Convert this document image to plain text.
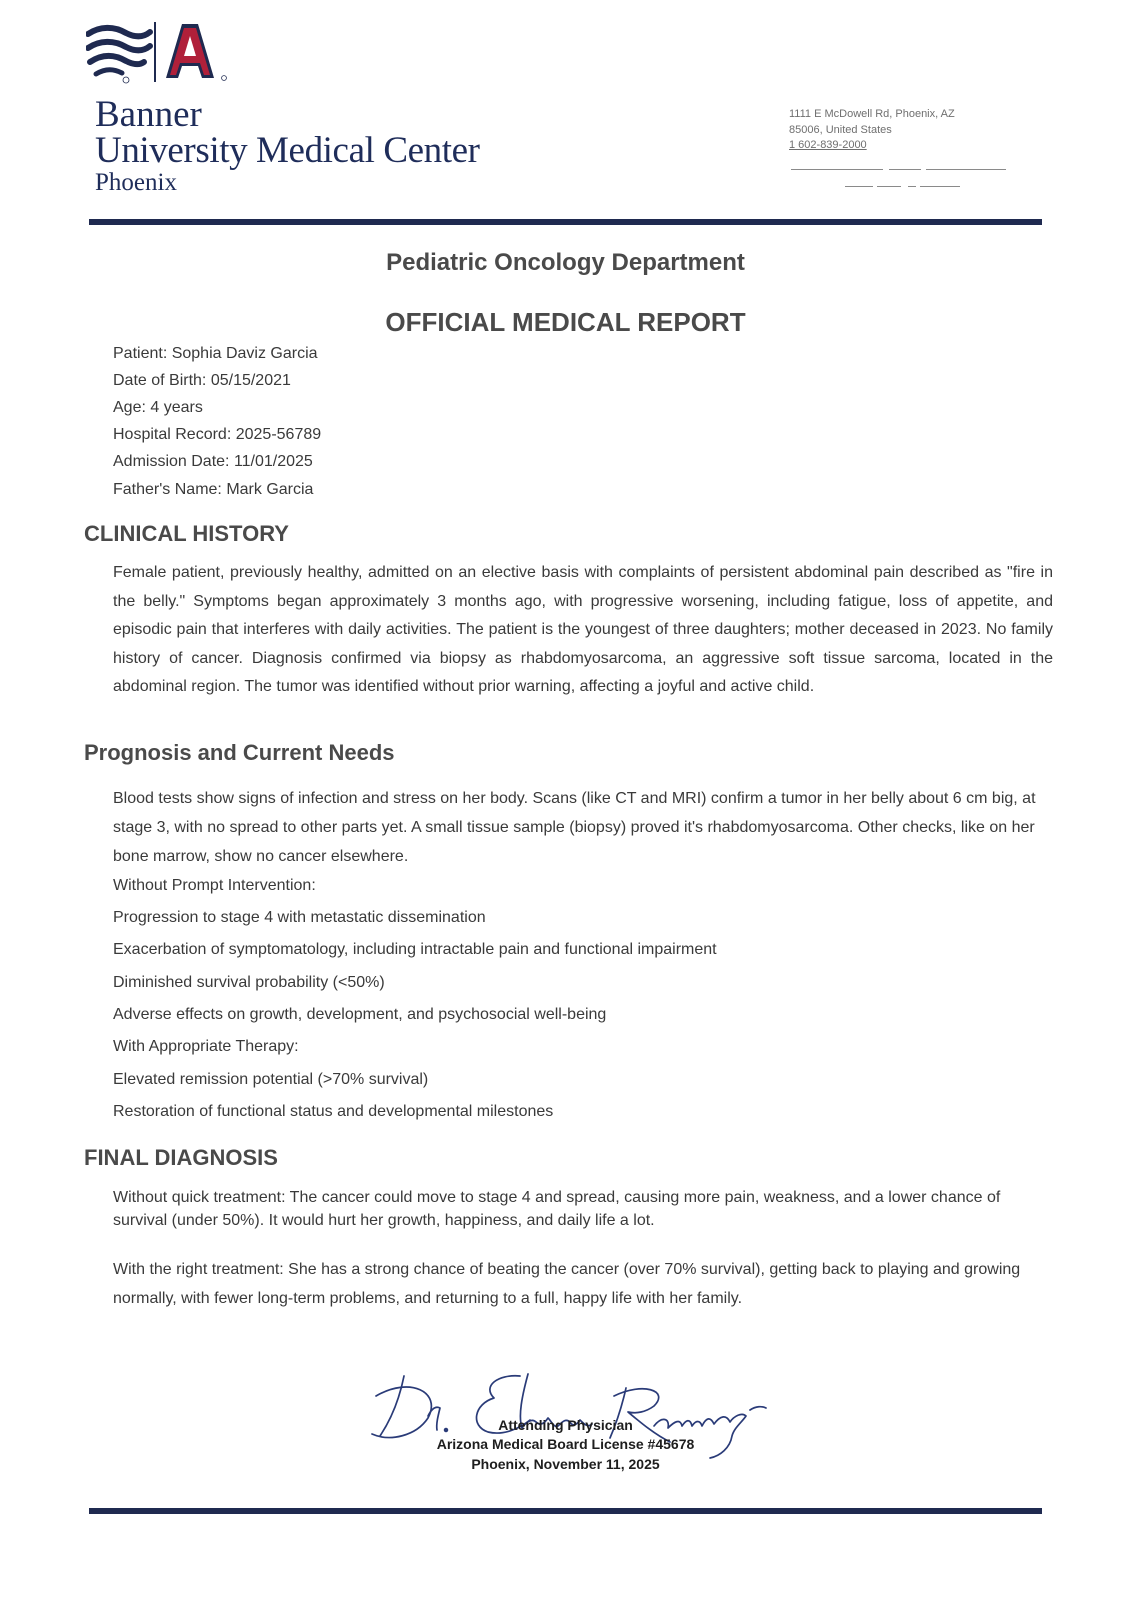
Banner
University Medical Center
Phoenix
1111 E McDowell Rd, Phoenix, AZ
85006, United States
1 602-839-2000
Pediatric Oncology Department
OFFICIAL MEDICAL REPORT
Patient: Sophia Daviz Garcia
Date of Birth: 05/15/2021
Age: 4 years
Hospital Record: 2025-56789
Admission Date: 11/01/2025
Father's Name: Mark Garcia
CLINICAL HISTORY
Female patient, previously healthy, admitted on an elective basis with complaints of persistent abdominal pain described as "fire in the belly." Symptoms began approximately 3 months ago, with progressive worsening, including fatigue, loss of appetite, and episodic pain that interferes with daily activities. The patient is the youngest of three daughters; mother deceased in 2023. No family history of cancer. Diagnosis confirmed via biopsy as rhabdomyosarcoma, an aggressive soft tissue sarcoma, located in the abdominal region. The tumor was identified without prior warning, affecting a joyful and active child.
Prognosis and Current Needs
Blood tests show signs of infection and stress on her body. Scans (like CT and MRI) confirm a tumor in her belly about 6 cm big, at stage 3, with no spread to other parts yet. A small tissue sample (biopsy) proved it's rhabdomyosarcoma. Other checks, like on her bone marrow, show no cancer elsewhere.
Without Prompt Intervention:
Progression to stage 4 with metastatic dissemination
Exacerbation of symptomatology, including intractable pain and functional impairment
Diminished survival probability (<50%)
Adverse effects on growth, development, and psychosocial well-being
With Appropriate Therapy:
Elevated remission potential (>70% survival)
Restoration of functional status and developmental milestones
FINAL DIAGNOSIS
Without quick treatment: The cancer could move to stage 4 and spread, causing more pain, weakness, and a lower chance of survival (under 50%). It would hurt her growth, happiness, and daily life a lot.
With the right treatment: She has a strong chance of beating the cancer (over 70% survival), getting back to playing and growing normally, with fewer long-term problems, and returning to a full, happy life with her family.
Attending Physician
Arizona Medical Board License #45678
Phoenix, November 11, 2025
